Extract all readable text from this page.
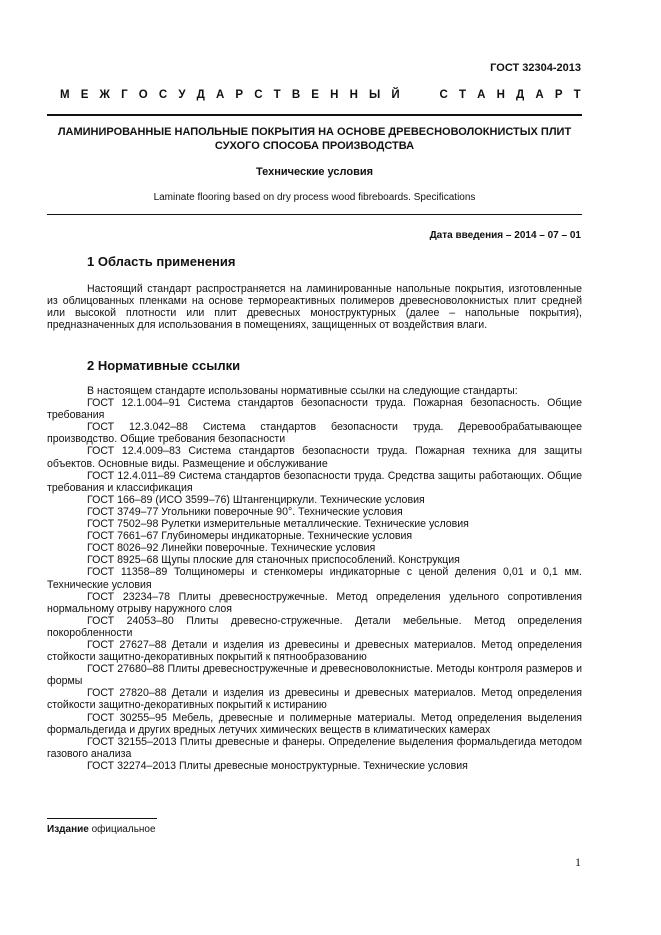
ГОСТ 32304-2013
М Е Ж Г О С У Д А Р С Т В Е Н Н Ы Й

	С Т А Н Д А Р Т
ЛАМИНИРОВАННЫЕ НАПОЛЬНЫЕ ПОКРЫТИЯ НА ОСНОВЕ ДРЕВЕСНОВОЛОКНИСТЫХ ПЛИТ
СУХОГО СПОСОБА ПРОИЗВОДСТВА
Технические условия
Laminate flooring based on dry process wood fibreboards. Specifications
Дата введения – 2014 – 07 – 01
1 Область применения
Настоящий стандарт распространяется на ламинированные напольные покрытия, изготовленные из облицованных пленками на основе термореактивных полимеров древесноволокнистых плит средней или высокой плотности или плит древесных моноструктурных (далее – напольные покрытия), предназначенных для использования в помещениях, защищенных от воздействия влаги.
2 Нормативные ссылки

В настоящем стандарте использованы нормативные ссылки на следующие стандарты:

ГОСТ 12.1.004–91 Система стандартов безопасности труда. Пожарная безопасность. Общие требования

ГОСТ 12.3.042–88 Система стандартов безопасности труда. Деревообрабатывающее производство. Общие требования безопасности

ГОСТ 12.4.009–83 Система стандартов безопасности труда. Пожарная техника для защиты объектов. Основные виды. Размещение и обслуживание

ГОСТ 12.4.011–89 Система стандартов безопасности труда. Средства защиты работающих. Общие требования и классификация

ГОСТ 166–89 (ИСО 3599–76) Штангенциркули. Технические условия

ГОСТ 3749–77 Угольники поверочные 90°. Технические условия

ГОСТ 7502–98 Рулетки измерительные металлические. Технические условия

ГОСТ 7661–67 Глубиномеры индикаторные. Технические условия

ГОСТ 8026–92 Линейки поверочные. Технические условия

ГОСТ 8925–68 Щупы плоские для станочных приспособлений. Конструкция

ГОСТ 11358–89 Толщиномеры и стенкомеры индикаторные с ценой деления 0,01 и 0,1 мм. Технические условия

ГОСТ 23234–78 Плиты древесностружечные. Метод определения удельного сопротивления нормальному отрыву наружного слоя

ГОСТ 24053–80 Плиты древесно-стружечные. Детали мебельные. Метод определения покоробленности

ГОСТ 27627–88 Детали и изделия из древесины и древесных материалов. Метод определения стойкости защитно-декоративных покрытий к пятнообразованию

ГОСТ 27680–88 Плиты древесностружечные и древесноволокнистые. Методы контроля размеров и формы

ГОСТ 27820–88 Детали и изделия из древесины и древесных материалов. Метод определения стойкости защитно-декоративных покрытий к истиранию

ГОСТ 30255–95 Мебель, древесные и полимерные материалы. Метод определения выделения формальдегида и других вредных летучих химических веществ в климатических камерах

ГОСТ 32155–2013 Плиты древесные и фанеры. Определение выделения формальдегида методом газового анализа

ГОСТ 32274–2013 Плиты древесные моноструктурные. Технические условия

Издание официальное
1
